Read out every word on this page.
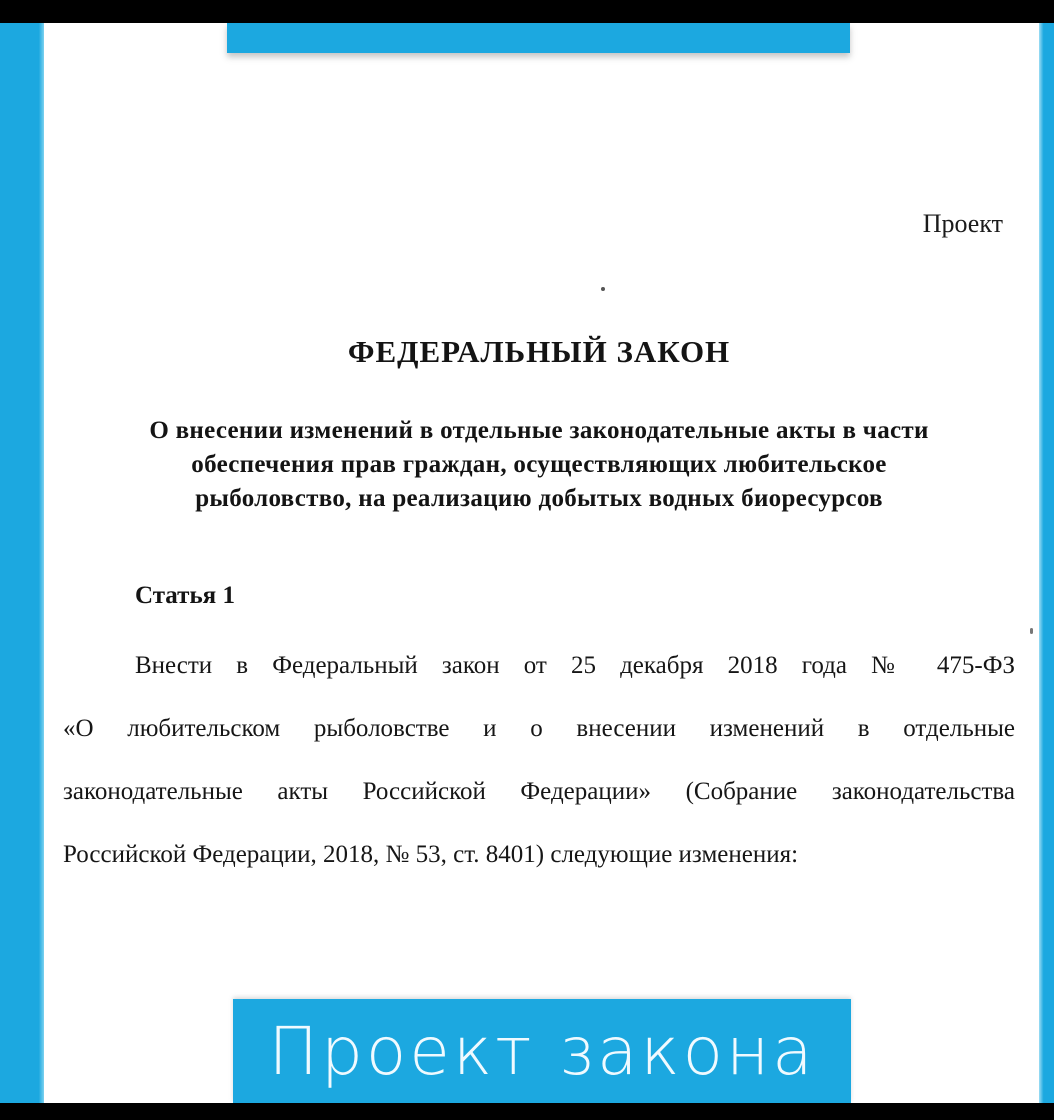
Проект
ФЕДЕРАЛЬНЫЙ ЗАКОН
О внесении изменений в отдельные законодательные акты в части
обеспечения прав граждан, осуществляющих любительское
рыболовство, на реализацию добытых водных биоресурсов
Статья 1
Внести в Федеральный закон от 25 декабря 2018 года № 475-ФЗ
«О любительском рыболовстве и о внесении изменений в отдельные
законодательные акты Российской Федерации» (Собрание законодательства
Российской Федерации, 2018, № 53, ст. 8401) следующие изменения:
Проект закона
